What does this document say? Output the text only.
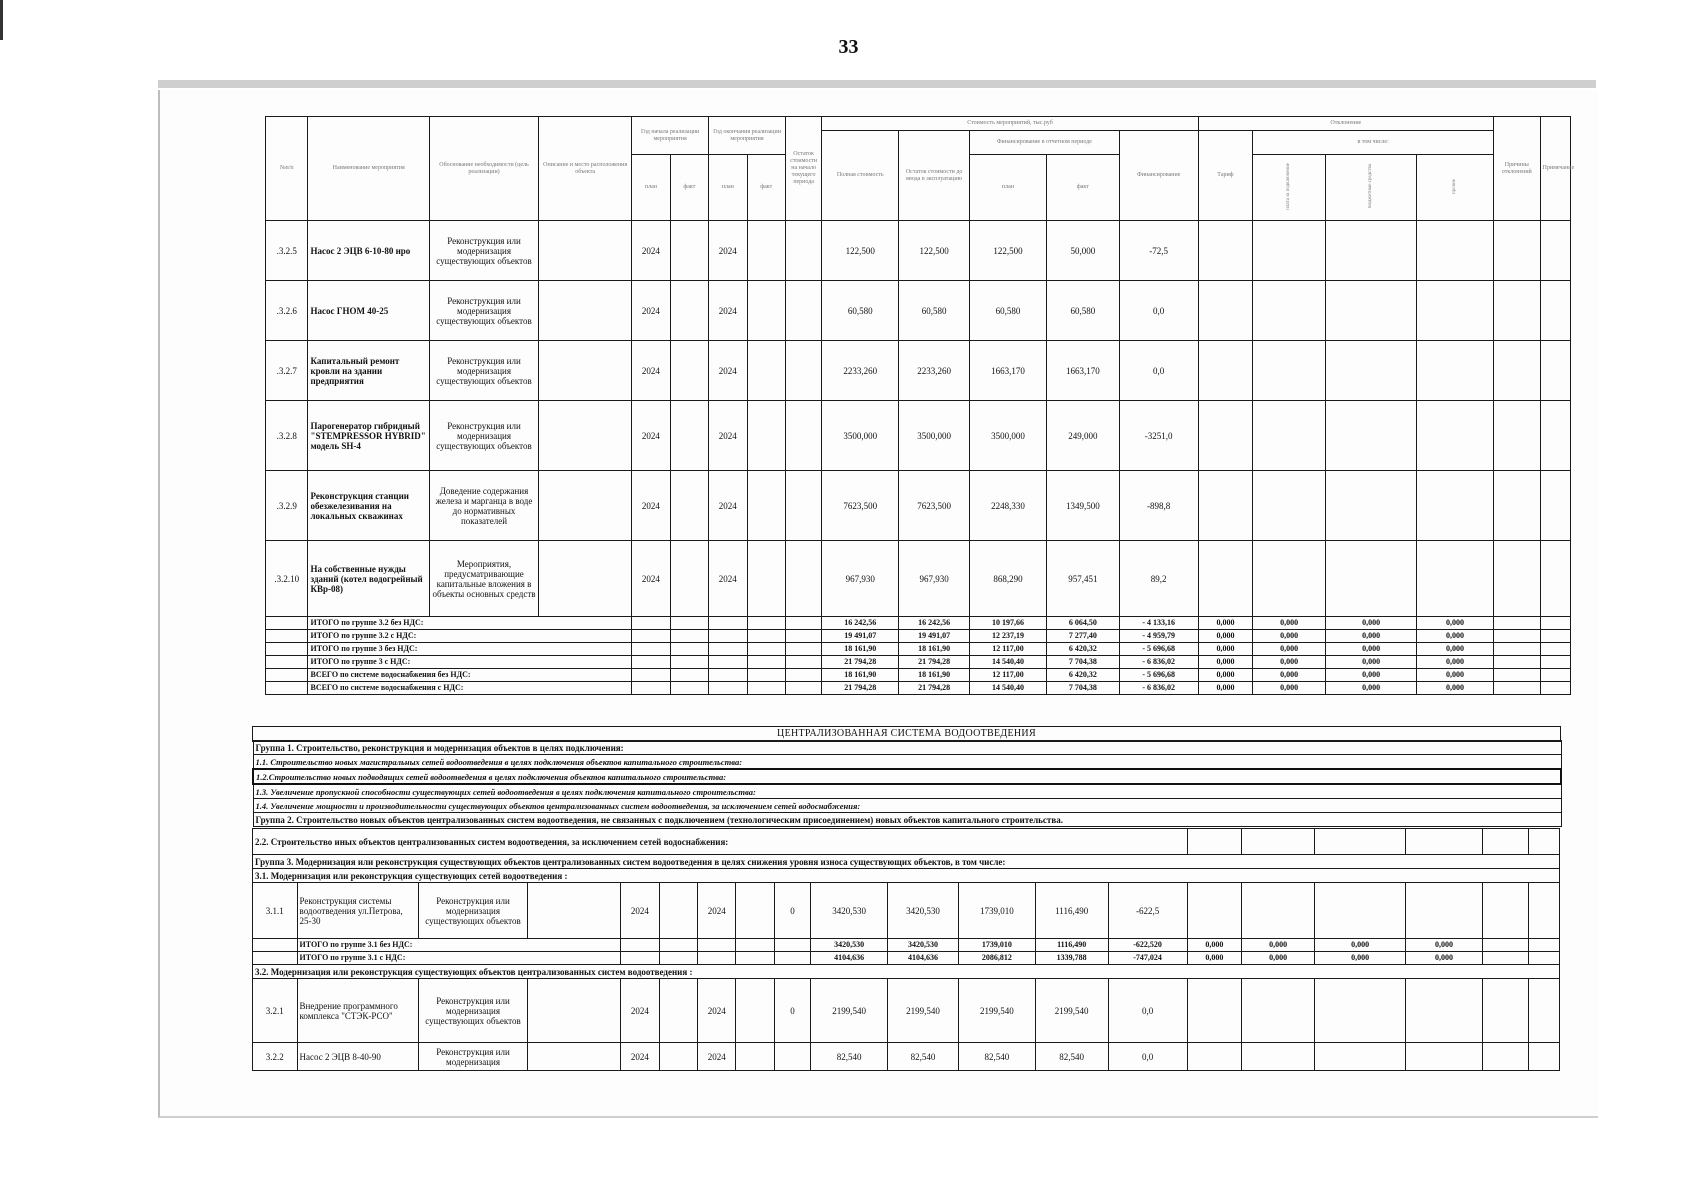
33
№п/п	Наименование мероприятия	Обоснование необходимости (цель реализации)	Описание и место расположения объекта	Год начала реализации мероприятия		Год окончания реализации мероприятия		Остаток стоимости на начало текущего периода	Стоимость мероприятий, тыс.руб					Отклонение				Причины отклонений	Примечание
									Полная стоимость	Остаток стоимости до ввода в эксплуатацию	Финансирование в отчетном периоде		Финансирование	Тариф	в том числе:				
				план	факт	план	факт				план	факт			плата за подключение	бюджетные средства	прочие		
.3.2.5	Насос 2 ЭЦВ 6-10-80 нро	Реконструкция или модернизация существующих объектов		2024		2024			122,500	122,500	122,500	50,000	-72,5						
.3.2.6	Насос ГНОМ 40-25	Реконструкция или модернизация существующих объектов		2024		2024			60,580	60,580	60,580	60,580	0,0						
.3.2.7	Капитальный ремонт кровли на здании предприятия	Реконструкция или модернизация существующих объектов		2024		2024			2233,260	2233,260	1663,170	1663,170	0,0						
.3.2.8	Парогенератор гибридный "STEMPRESSOR HYBRID" модель SH-4	Реконструкция или модернизация существующих объектов		2024		2024			3500,000	3500,000	3500,000	249,000	-3251,0						
.3.2.9	Реконструкция станции обезжелезивания на локальных скважинах	Доведение содержания железа и марганца в воде до нормативных показателей		2024		2024			7623,500	7623,500	2248,330	1349,500	-898,8						
.3.2.10	На собственные нужды зданий (котел водогрейный КВр-08)	Мероприятия, предусматривающие капитальные вложения в объекты основных средств		2024		2024			967,930	967,930	868,290	957,451	89,2						
	ИТОГО по группе 3.2 без НДС:								16 242,56	16 242,56	10 197,66	6 064,50	- 4 133,16	0,000	0,000	0,000	0,000		
	ИТОГО по группе 3.2 с НДС:								19 491,07	19 491,07	12 237,19	7 277,40	- 4 959,79	0,000	0,000	0,000	0,000		
	ИТОГО по группе 3 без НДС:								18 161,90	18 161,90	12 117,00	6 420,32	- 5 696,68	0,000	0,000	0,000	0,000		
	ИТОГО по группе 3 с НДС:								21 794,28	21 794,28	14 540,40	7 704,38	- 6 836,02	0,000	0,000	0,000	0,000		
	ВСЕГО по системе водоснабжения без НДС:								18 161,90	18 161,90	12 117,00	6 420,32	- 5 696,68	0,000	0,000	0,000	0,000		
	ВСЕГО по системе водоснабжения с НДС:								21 794,28	21 794,28	14 540,40	7 704,38	- 6 836,02	0,000	0,000	0,000	0,000		
ЦЕНТРАЛИЗОВАННАЯ СИСТЕМА ВОДООТВЕДЕНИЯ
Группа 1. Строительство, реконструкция и модернизация объектов в целях подключения:
1.1. Строительство новых магистральных сетей водоотведения в целях подключения объектов капитального строительства:
1.2.Строительство новых подводящих сетей водоотведения в целях подключения объектов капитального строительства:
1.3. Увеличение пропускной способности существующих сетей водоотведения в целях подключения капитального строительства:
1.4. Увеличение мощности и производительности существующих объектов централизованных систем водоотведения, за исключением сетей водоснабжения:
Группа 2. Строительство новых объектов централизованных систем водоотведения, не связанных с подключением (технологическим присоединением) новых объектов капитального строительства.
2.2. Строительство иных объектов централизованных систем водоотведения, за исключением сетей водоснабжения:																			
Группа 3. Модернизация или реконструкция существующих объектов централизованных систем водоотведения в целях снижения уровня износа существующих объектов, в том числе:																			
3.1. Модернизация или реконструкция существующих сетей водоотведения :																			
3.1.1	Реконструкция системы водоотведения ул.Петрова, 25-30	Реконструкция или модернизация существующих объектов		2024		2024		0	3420,530	3420,530	1739,010	1116,490	-622,5						
	ИТОГО по группе 3.1 без НДС:								3420,530	3420,530	1739,010	1116,490	-622,520	0,000	0,000	0,000	0,000		
	ИТОГО по группе 3.1 с НДС:								4104,636	4104,636	2086,812	1339,788	-747,024	0,000	0,000	0,000	0,000		
3.2. Модернизация или реконструкция существующих объектов централизованных систем водоотведения :																			
3.2.1	Внедрение программного комплекса "СТЭК-РСО"	Реконструкция или модернизация существующих объектов		2024		2024		0	2199,540	2199,540	2199,540	2199,540	0,0						
3.2.2	Насос 2 ЭЦВ 8-40-90	Реконструкция или модернизация		2024		2024			82,540	82,540	82,540	82,540	0,0						
